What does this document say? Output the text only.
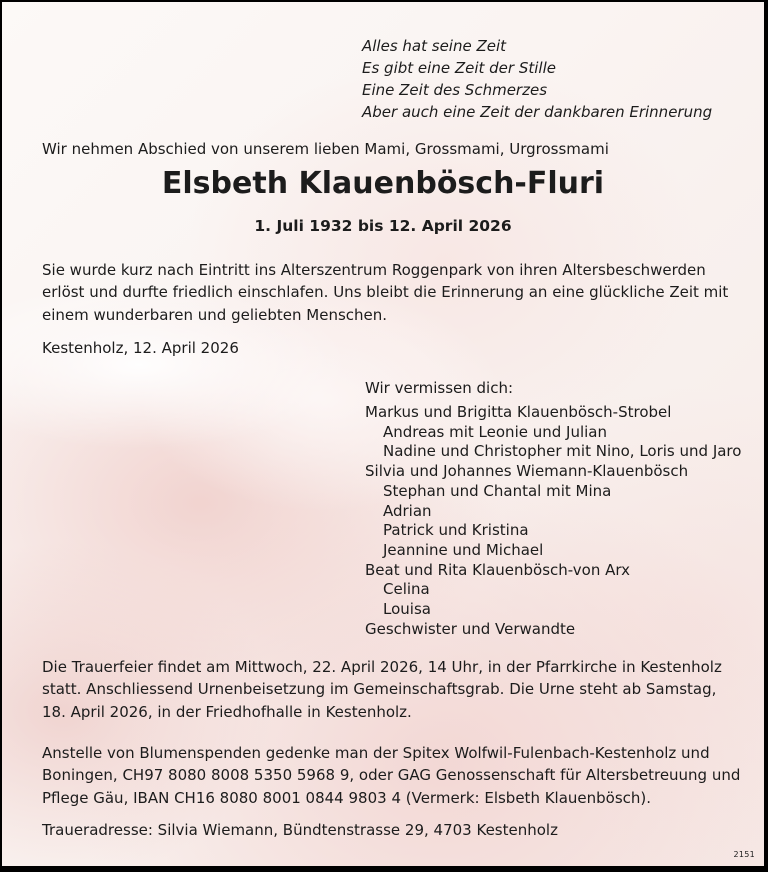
Alles hat seine Zeit
Es gibt eine Zeit der Stille
Eine Zeit des Schmerzes
Aber auch eine Zeit der dankbaren Erinnerung
Wir nehmen Abschied von unserem lieben Mami, Grossmami, Urgrossmami
Elsbeth Klauenbösch-Fluri
1. Juli 1932 bis 12. April 2026
Sie wurde kurz nach Eintritt ins Alterszentrum Roggenpark von ihren Altersbeschwerden
erlöst und durfte friedlich einschlafen. Uns bleibt die Erinnerung an eine glückliche Zeit mit
einem wunderbaren und geliebten Menschen.
Kestenholz, 12. April 2026
Wir vermissen dich:
Markus und Brigitta Klauenbösch-Strobel
Andreas mit Leonie und Julian
Nadine und Christopher mit Nino, Loris und Jaro
Silvia und Johannes Wiemann-Klauenbösch
Stephan und Chantal mit Mina
Adrian
Patrick und Kristina
Jeannine und Michael
Beat und Rita Klauenbösch-von Arx
Celina
Louisa
Geschwister und Verwandte
Die Trauerfeier findet am Mittwoch, 22. April 2026, 14 Uhr, in der Pfarrkirche in Kestenholz
statt. Anschliessend Urnenbeisetzung im Gemeinschaftsgrab. Die Urne steht ab Samstag,
18. April 2026, in der Friedhofhalle in Kestenholz.
Anstelle von Blumenspenden gedenke man der Spitex Wolfwil-Fulenbach-Kestenholz und
Boningen, CH97 8080 8008 5350 5968 9, oder GAG Genossenschaft für Altersbetreuung und
Pflege Gäu, IBAN CH16 8080 8001 0844 9803 4 (Vermerk: Elsbeth Klauenbösch).
Traueradresse: Silvia Wiemann, Bündtenstrasse 29, 4703 Kestenholz
2151
